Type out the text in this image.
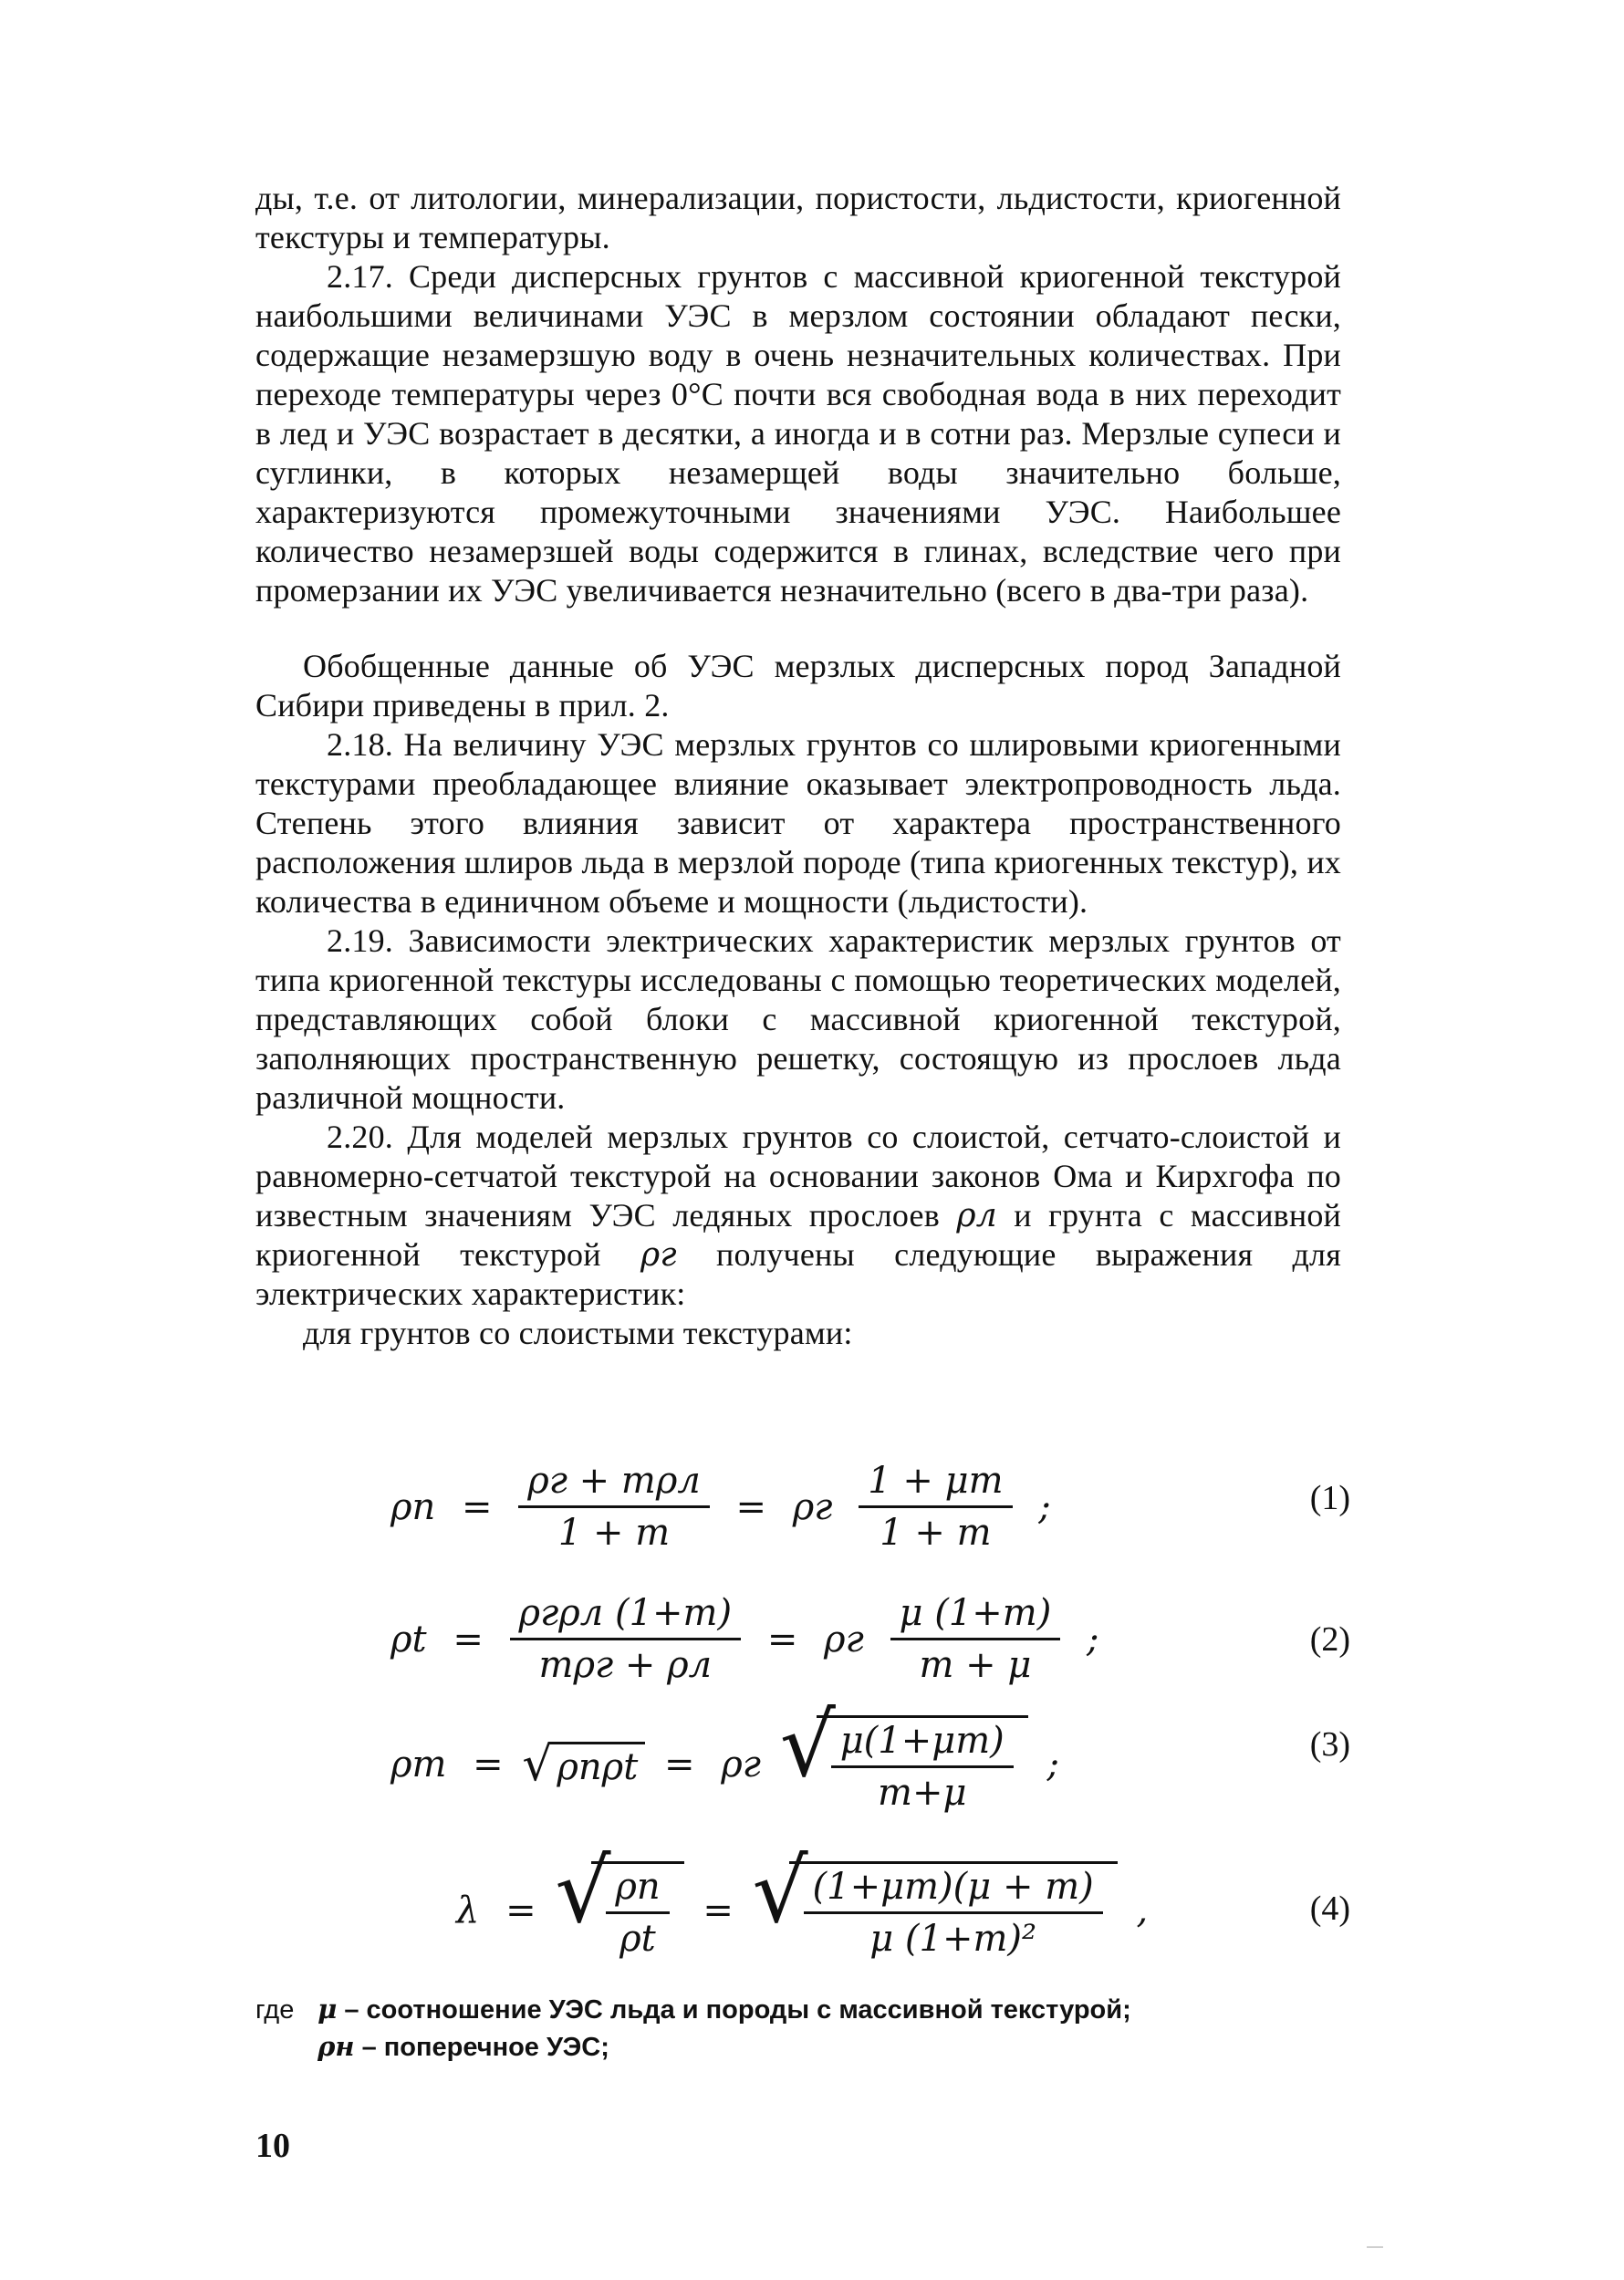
ды, т.е. от литологии, минерализации, пористости, льдистости, криогенной текстуры и температуры.

2.17. Среди дисперсных грунтов с массивной криогенной текстурой наибольшими величинами УЭС в мерзлом состоянии обладают пески, содержащие незамерзшую воду в очень незначительных количествах. При переходе температуры через 0°С почти вся свободная вода в них переходит в лед и УЭС возрастает в десятки, а иногда и в сотни раз. Мерзлые супеси и суглинки, в которых незамерщей воды значительно больше, характеризуются промежуточными значениями УЭС. Наибольшее количество незамерзшей воды содержится в глинах, вследствие чего при промерзании их УЭС увеличивается незначительно (всего в два-три раза).

Обобщенные данные об УЭС мерзлых дисперсных пород Западной Сибири приведены в прил. 2.

2.18. На величину УЭС мерзлых грунтов со шлировыми криогенными текстурами преобладающее влияние оказывает электропроводность льда. Степень этого влияния зависит от характера пространственного расположения шлиров льда в мерзлой породе (типа криогенных текстур), их количества в единичном объеме и мощности (льдистости).

2.19. Зависимости электрических характеристик мерзлых грунтов от типа криогенной текстуры исследованы с помощью теоретических моделей, представляющих собой блоки с массивной криогенной текстурой, заполняющих пространственную решетку, состоящую из прослоев льда различной мощности.

2.20. Для моделей мерзлых грунтов со слоистой, сетчато-слоистой и равномерно-сетчатой текстурой на основании законов Ома и Кирхгофа по известным значениям УЭС ледяных прослоев ρл и грунта с массивной криогенной текстурой ρг получены следующие выражения для электрических характеристик:

для грунтов со слоистыми текстурами:

$\rho n = \frac{\text{ρг + mρл}}{1 + m} = \rho г \frac{1 + \mu m}{1 + m}$ ;	(1)
$\rho t = \frac{\text{ρгρл (1+m)}}{\text{mρг + ρл}} = \rho г \frac{\mu (1+m)}{m + \mu}$ ;	(2)
ρm = √ ρnρt = ρг √ $\frac{\mu(1+\mu m)}{m+\mu}$ ;	(3)
λ = √ $\frac{\rho n}{\rho t}$ = √ $\frac{(1+\mu m)(\mu + m)}{\text{μ (1+m)²}}$ ,	(4)
где μ – соотношение УЭС льда и породы с массивной текстурой;
ρн – поперечное УЭС;
10
